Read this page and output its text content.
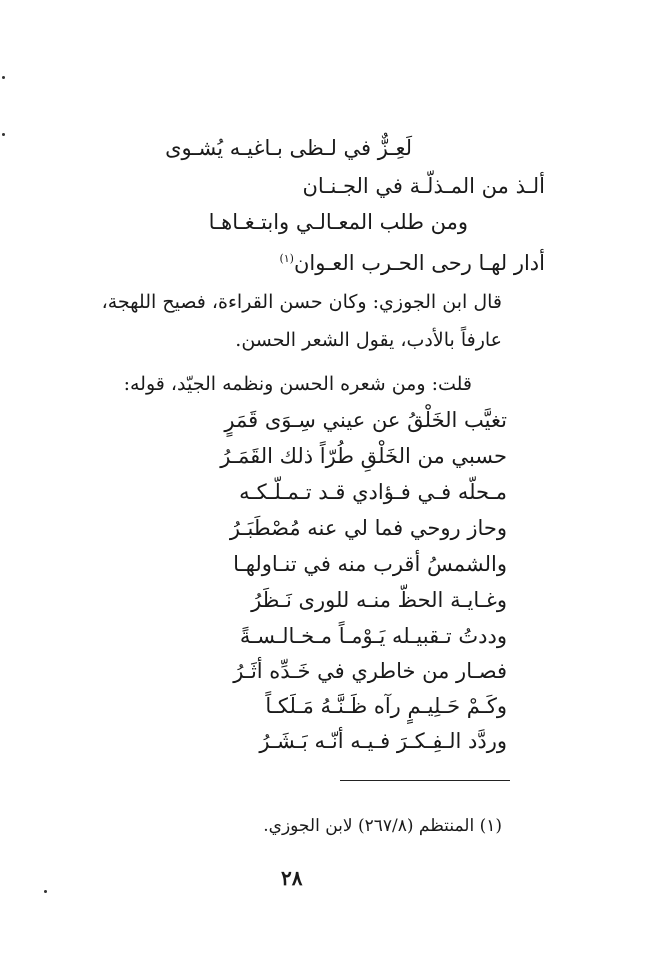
لَعِـزٌّ في لـظى بـاغيـه يُشـوى
ألـذ من المـذلّـة في الجـنـان
ومن طلب المعـالـي وابتـغـاهـا
أدار لهـا رحى الحـرب العـوان$^{(١)}$
قال ابن الجوزي: وكان حسن القراءة، فصيح اللهجة،
عارفاً بالأدب، يقول الشعر الحسن.
قلت: ومن شعره الحسن ونظمه الجيّد، قوله:
تغيَّب الخَلْقُ عن عيني سِـوَى قَمَرٍ
حسبي من الخَلْقِ طُرّاً ذلك القَمَـرُ
مـحلّه فـي فـؤادي قـد تـمـلّـكـه
وحاز روحي فما لي عنه مُصْطَبَـرُ
والشمسُ أقرب منه في تنـاولهـا
وغـايـة الحظّ منـه للورى نَـظَرُ
وددتُ تـقبيـله يَـوْمـاً مـخـالـسـةً
فصـار من خاطري في خَـدِّه أثَـرُ
وكَـمْ حَـلِيـمٍ رآه ظَـنَّـهُ مَـلَكـاً
وردَّد الـفِـكـرَ فـيـه أنّـه بَـشَـرُ
(١) المنتظم (٢٦٧/٨) لابن الجوزي.
٢٨
